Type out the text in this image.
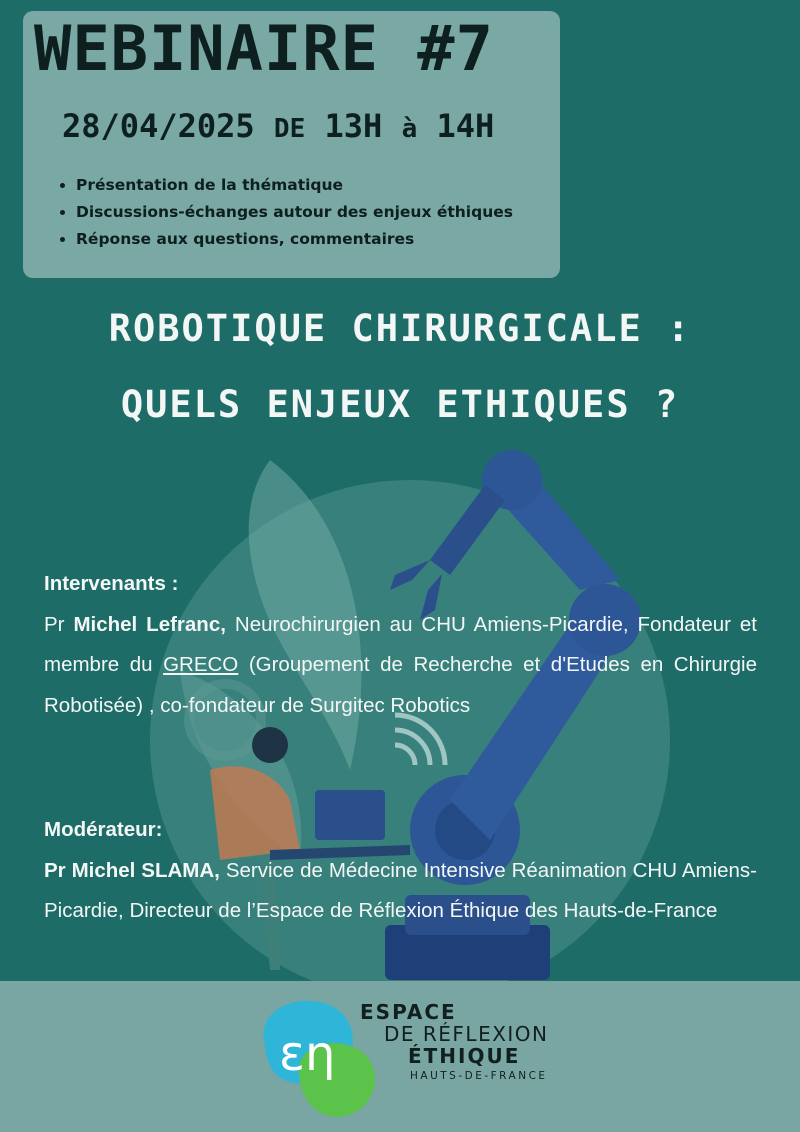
WEBINAIRE #7
28/04/2025 DE 13H à 14H
• Présentation de la thématique
• Discussions-échanges autour des enjeux éthiques
• Réponse aux questions, commentaires
ROBOTIQUE CHIRURGICALE :
QUELS ENJEUX ETHIQUES ?
Intervenants :
Pr Michel Lefranc, Neurochirurgien au CHU Amiens-Picardie, Fondateur et membre du GRECO (Groupement de Recherche et d'Etudes en Chirurgie Robotisée) , co-fondateur de Surgitec Robotics
Modérateur:
Pr Michel SLAMA, Service de Médecine Intensive Réanimation CHU Amiens-Picardie, Directeur de l’Espace de Réflexion Éthique des Hauts-de-France
εη
ESPACE
DE RÉFLEXION
ÉTHIQUE
HAUTS-DE-FRANCE
